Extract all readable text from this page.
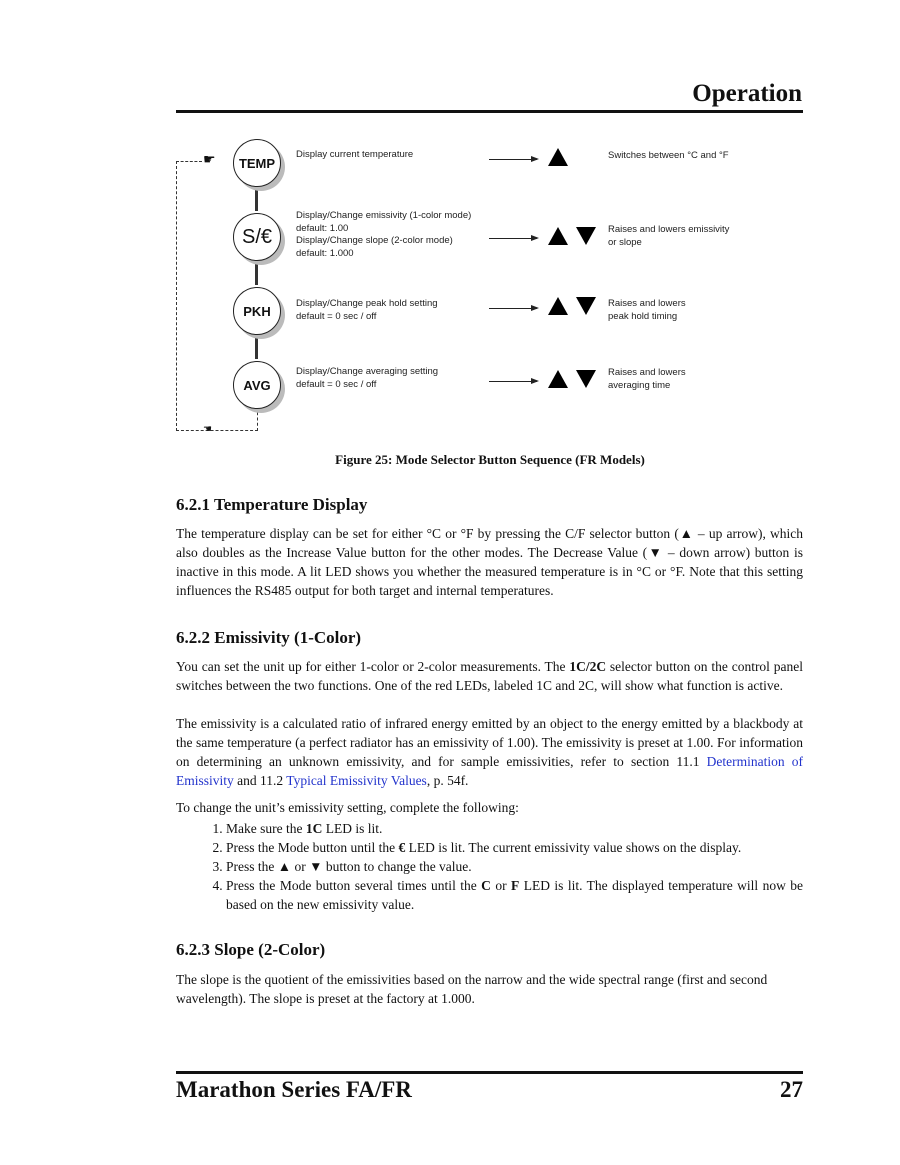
Operation
☛
☚
TEMP
S/€
PKH
AVG
Display current temperature
Display/Change emissivity (1-color mode)
default: 1.00
Display/Change slope (2-color mode)
default: 1.000
Display/Change peak hold setting
default = 0 sec / off
Display/Change averaging setting
default = 0 sec / off
Switches between °C and °F
Raises and lowers emissivity
or slope
Raises and lowers
peak hold timing
Raises and lowers
averaging time
Figure 25: Mode Selector Button Sequence (FR Models)
6.2.1 Temperature Display
The temperature display can be set for either °C or °F by pressing the C/F selector button (▲ – up arrow), which also doubles as the Increase Value button for the other modes. The Decrease Value (▼ – down arrow) button is inactive in this mode. A lit LED shows you whether the measured temperature is in °C or °F. Note that this setting influences the RS485 output for both target and internal temperatures.
6.2.2 Emissivity (1-Color)
You can set the unit up for either 1-color or 2-color measurements. The 1C/2C selector button on the control panel switches between the two functions. One of the red LEDs, labeled 1C and 2C, will show what function is active.
The emissivity is a calculated ratio of infrared energy emitted by an object to the energy emitted by a blackbody at the same temperature (a perfect radiator has an emissivity of 1.00). The emissivity is preset at 1.00. For information on determining an unknown emissivity, and for sample emissivities, refer to section 11.1 Determination of Emissivity and 11.2 Typical Emissivity Values, p. 54f.
To change the unit’s emissivity setting, complete the following:
1. Make sure the 1C LED is lit.
2. Press the Mode button until the € LED is lit. The current emissivity value shows on the display.
3. Press the ▲ or ▼ button to change the value.
4. Press the Mode button several times until the C or F LED is lit. The displayed temperature will now be based on the new emissivity value.
6.2.3 Slope (2-Color)
The slope is the quotient of the emissivities based on the narrow and the wide spectral range (first and second wavelength). The slope is preset at the factory at 1.000.
Marathon Series FA/FR	27
